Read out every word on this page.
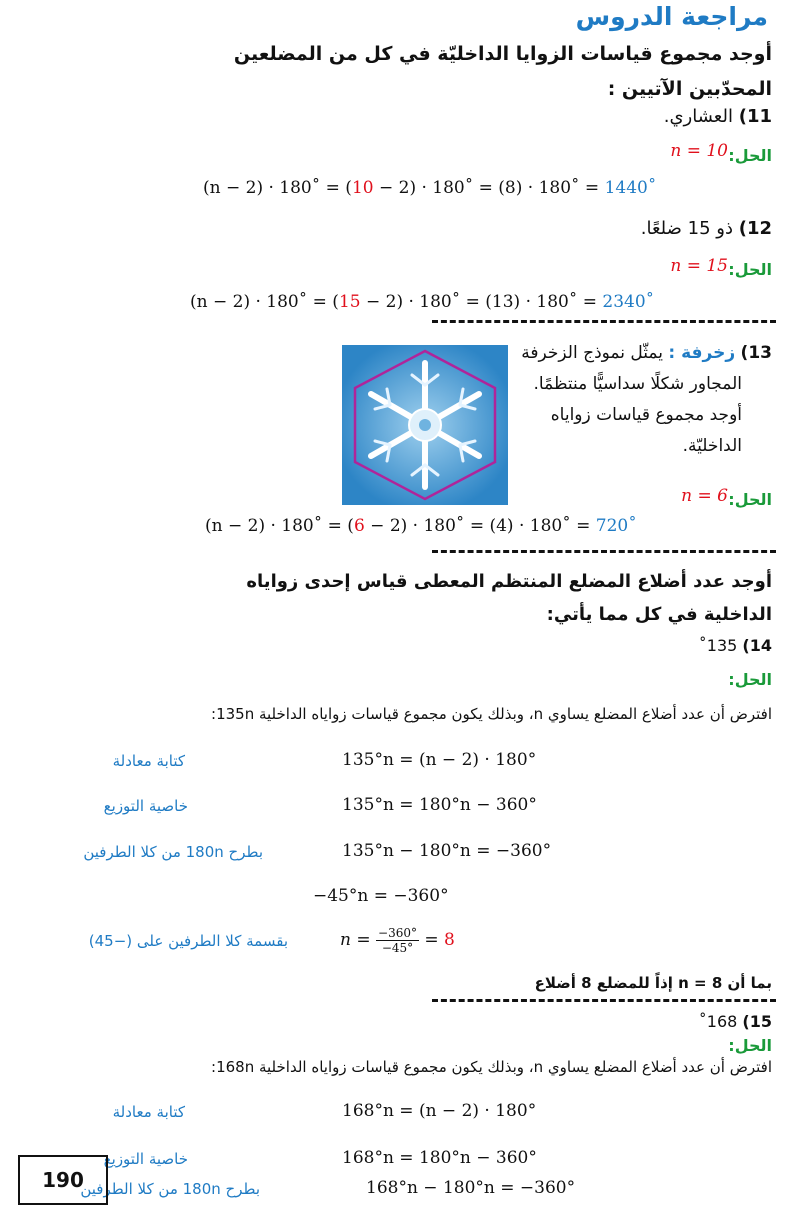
مراجعة الدروس
أوجد مجموع قياسات الزوايا الداخليّة في كل من المضلعين
المحدّبين الآتيين :
11) العشاري.
الحل:
n = 10
(n − 2) · 180˚ = (10 − 2) · 180˚ = (8) · 180˚ = 1440˚
12) ذو 15 ضلعًا.
الحل:
n = 15
(n − 2) · 180˚ = (15 − 2) · 180˚ = (13) · 180˚ = 2340˚
13) زخرفة : يمثّل نموذج الزخرفة
المجاور شكلًا سداسيًّا منتظمًا.
أوجد مجموع قياسات زواياه
الداخليّة.
الحل:
n = 6
(n − 2) · 180˚ = (6 − 2) · 180˚ = (4) · 180˚ = 720˚
أوجد عدد أضلاع المضلع المنتظم المعطى قياس إحدى زواياه
الداخلية في كل مما يأتي:
14) 135˚
الحل:
افترض أن عدد أضلاع المضلع يساوي n، وبذلك يكون مجموع قياسات زواياه الداخلية 135n:
كتابة معادلة	135°n = (n − 2) · 180°
خاصية التوزيع	135°n = 180°n − 360°
بطرح 180n من كلا الطرفين	135°n − 180°n = −360°
−45°n = −360°
بقسمة كلا الطرفين على (−45)	$n = \frac{-360^\circ}{-45^\circ} = 8$
بما أن n = 8 إذاً للمضلع 8 أضلاع
15) 168˚
الحل:
افترض أن عدد أضلاع المضلع يساوي n، وبذلك يكون مجموع قياسات زواياه الداخلية 168n:
كتابة معادلة	168°n = (n − 2) · 180°
خاصية التوزيع	168°n = 180°n − 360°
بطرح 180n من كلا الطرفين	168°n − 180°n = −360°
190
